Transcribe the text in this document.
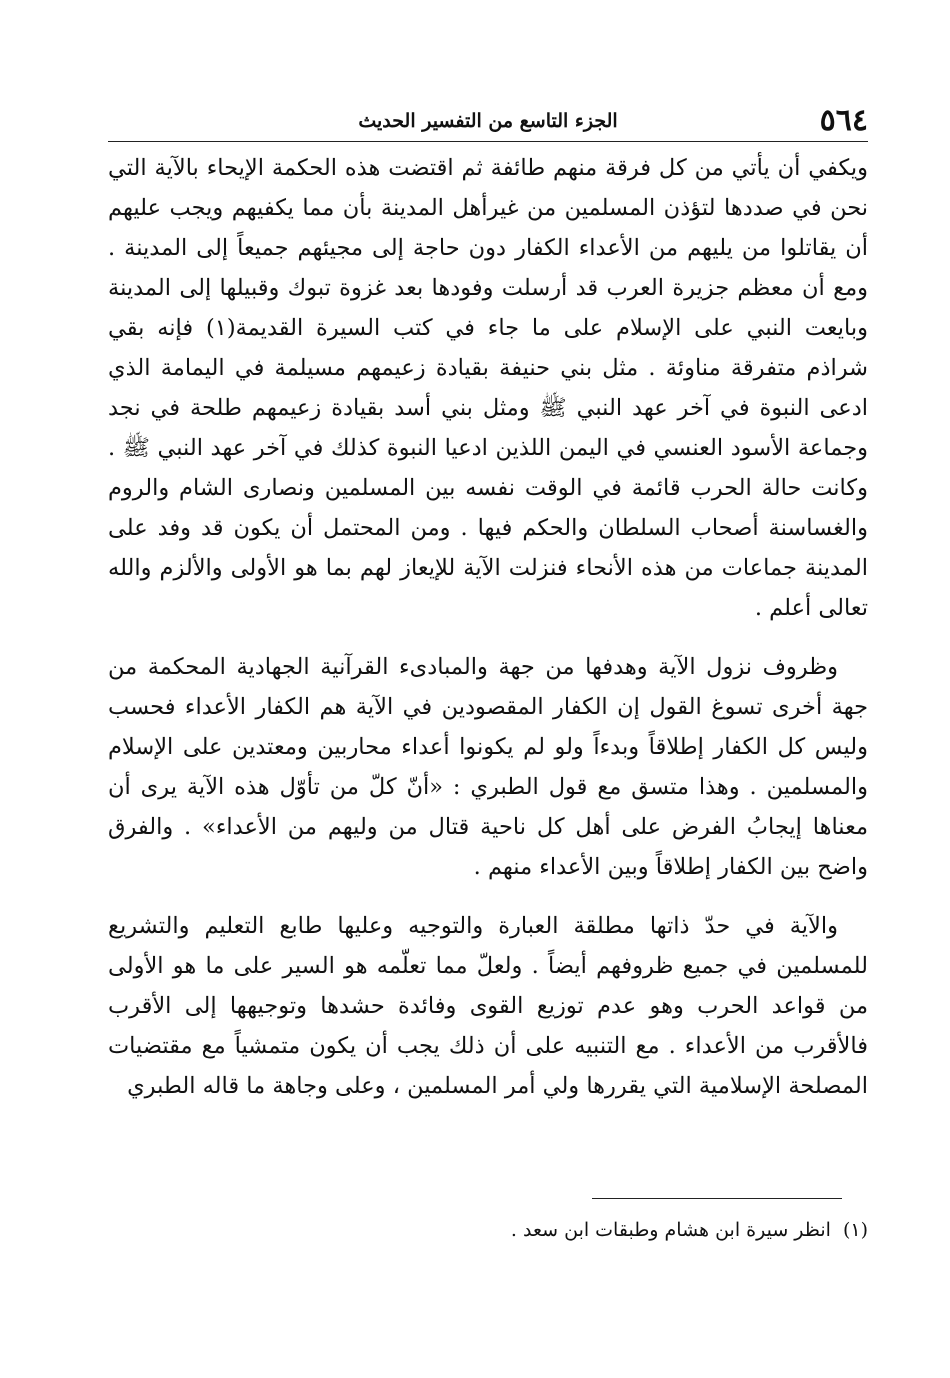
٥٦٤
الجزء التاسع من التفسير الحديث

ويكفي أن يأتي من كل فرقة منهم طائفة ثم اقتضت هذه الحكمة الإيحاء بالآية التي نحن في صددها لتؤذن المسلمين من غيرأهل المدينة بأن مما يكفيهم ويجب عليهم أن يقاتلوا من يليهم من الأعداء الكفار دون حاجة إلى مجيئهم جميعاً إلى المدينة . ومع أن معظم جزيرة العرب قد أرسلت وفودها بعد غزوة تبوك وقبيلها إلى المدينة وبايعت النبي على الإسلام على ما جاء في كتب السيرة القديمة(١) فإنه بقي شراذم متفرقة مناوئة . مثل بني حنيفة بقيادة زعيمهم مسيلمة في اليمامة الذي ادعى النبوة في آخر عهد النبي ﷺ ومثل بني أسد بقيادة زعيمهم طلحة في نجد وجماعة الأسود العنسي في اليمن اللذين ادعيا النبوة كذلك في آخر عهد النبي ﷺ . وكانت حالة الحرب قائمة في الوقت نفسه بين المسلمين ونصارى الشام والروم والغساسنة أصحاب السلطان والحكم فيها . ومن المحتمل أن يكون قد وفد على المدينة جماعات من هذه الأنحاء فنزلت الآية للإيعاز لهم بما هو الأولى والألزم والله تعالى أعلم .

وظروف نزول الآية وهدفها من جهة والمبادىء القرآنية الجهادية المحكمة من جهة أخرى تسوغ القول إن الكفار المقصودين في الآية هم الكفار الأعداء فحسب وليس كل الكفار إطلاقاً وبدءاً ولو لم يكونوا أعداء محاربين ومعتدين على الإسلام والمسلمين . وهذا متسق مع قول الطبري : «أنّ كلّ من تأوّل هذه الآية يرى أن معناها إيجابُ الفرض على أهل كل ناحية قتال من وليهم من الأعداء» . والفرق واضح بين الكفار إطلاقاً وبين الأعداء منهم .

والآية في حدّ ذاتها مطلقة العبارة والتوجيه وعليها طابع التعليم والتشريع للمسلمين في جميع ظروفهم أيضاً . ولعلّ مما تعلّمه هو السير على ما هو الأولى من قواعد الحرب وهو عدم توزيع القوى وفائدة حشدها وتوجيهها إلى الأقرب فالأقرب من الأعداء . مع التنبيه على أن ذلك يجب أن يكون متمشياً مع مقتضيات المصلحة الإسلامية التي يقررها ولي أمر المسلمين ، وعلى وجاهة ما قاله الطبري

(١)انظر سيرة ابن هشام وطبقات ابن سعد .
